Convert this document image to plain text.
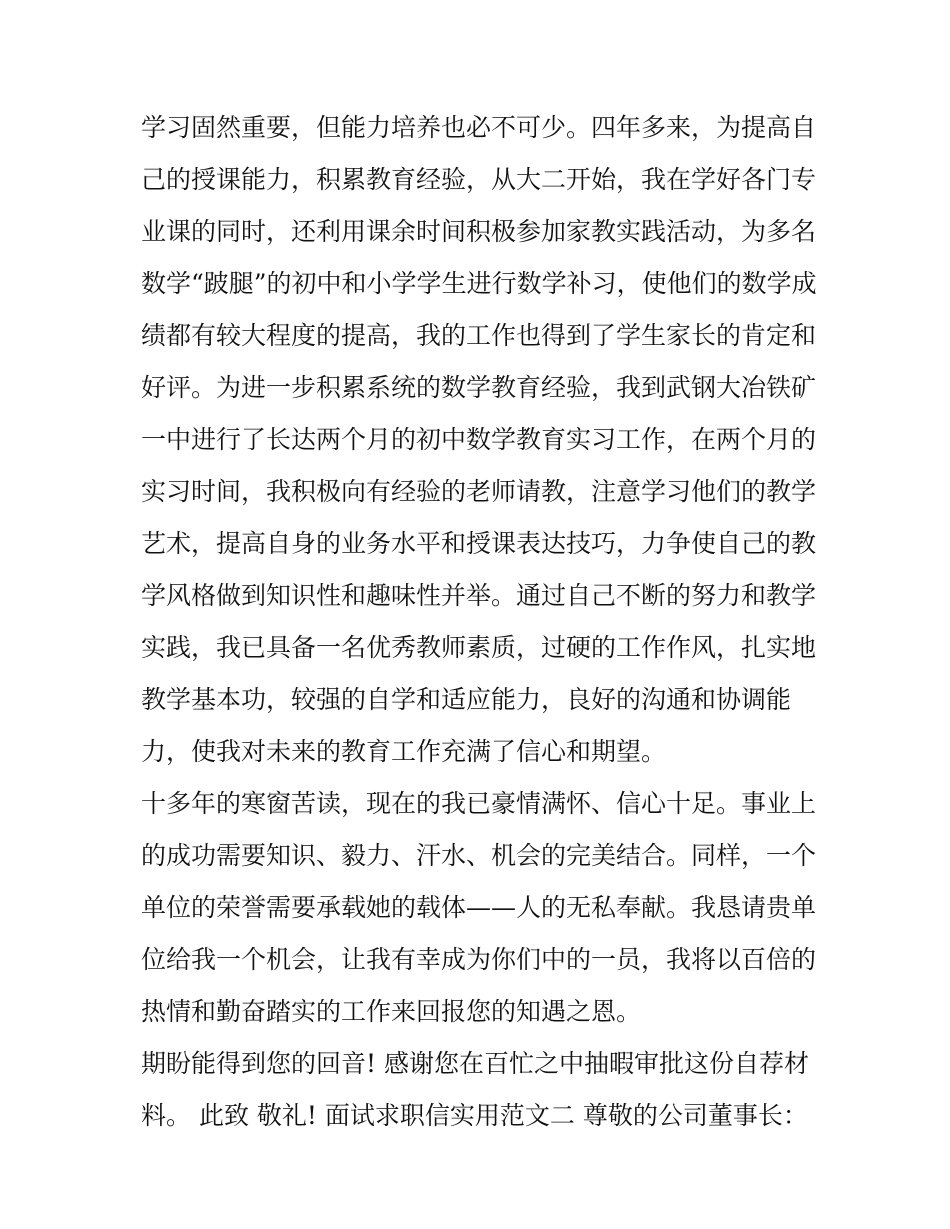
学习固然重要，但能力培养也必不可少。四年多来，为提高自
己的授课能力，积累教育经验，从大二开始，我在学好各门专
业课的同时，还利用课余时间积极参加家教实践活动，为多名
数学“跛腿”的初中和小学学生进行数学补习，使他们的数学成
绩都有较大程度的提高，我的工作也得到了学生家长的肯定和
好评。为进一步积累系统的数学教育经验，我到武钢大冶铁矿
一中进行了长达两个月的初中数学教育实习工作，在两个月的
实习时间，我积极向有经验的老师请教，注意学习他们的教学
艺术，提高自身的业务水平和授课表达技巧，力争使自己的教
学风格做到知识性和趣味性并举。通过自己不断的努力和教学
实践，我已具备一名优秀教师素质，过硬的工作作风，扎实地
教学基本功，较强的自学和适应能力，良好的沟通和协调能
力，使我对未来的教育工作充满了信心和期望。
十多年的寒窗苦读，现在的我已豪情满怀、信心十足。事业上
的成功需要知识、毅力、汗水、机会的完美结合。同样，一个
单位的荣誉需要承载她的载体——人的无私奉献。我恳请贵单
位给我一个机会，让我有幸成为你们中的一员，我将以百倍的
热情和勤奋踏实的工作来回报您的知遇之恩。
期盼能得到您的回音! 感谢您在百忙之中抽暇审批这份自荐材
料。 此致 敬礼! 面试求职信实用范文二 尊敬的公司董事长：
